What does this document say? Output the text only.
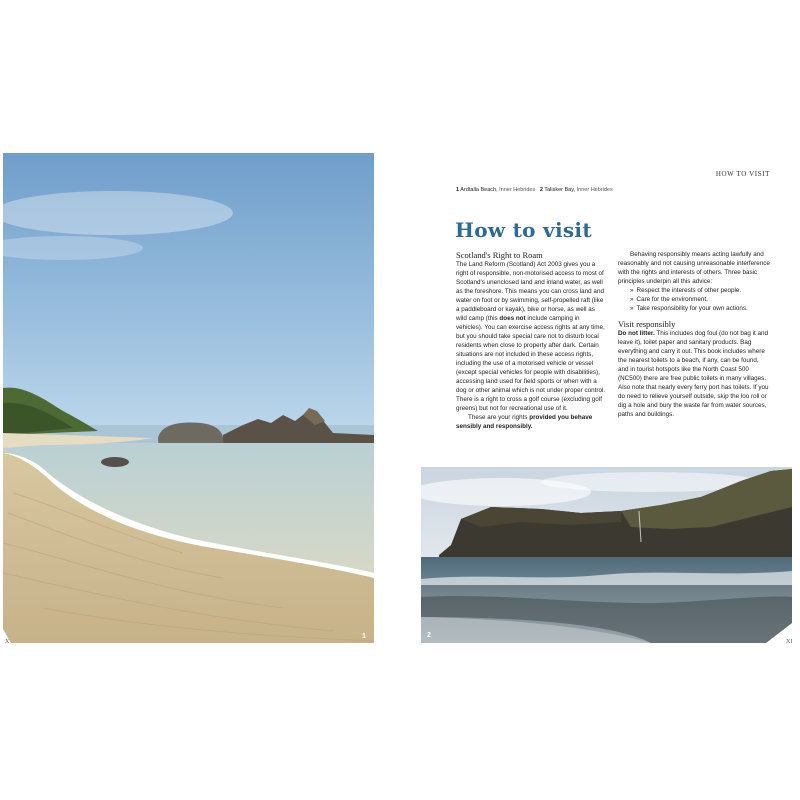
1
X
HOW TO VISIT
1 Ardtalla Beach, Inner Hebrides 2 Talisker Bay, Inner Hebrides
How to visit
Scotland's Right to Roam

The Land Reform (Scotland) Act 2003 gives you a right of responsible, non-motorised access to most of Scotland's unenclosed land and inland water, as well as the foreshore. This means you can cross land and water on foot or by swimming, self-propelled raft (like a paddleboard or kayak), bike or horse, as well as wild camp (this does not include camping in vehicles). You can exercise access rights at any time, but you should take special care not to disturb local residents when close to property after dark. Certain situations are not included in these access rights, including the use of a motorised vehicle or vessel (except special vehicles for people with disabilities), accessing land used for field sports or when with a dog or other animal which is not under proper control. There is a right to cross a golf course (excluding golf greens) but not for recreational use of it.

These are your rights provided you behave sensibly and responsibly.

Behaving responsibly means acting lawfully and reasonably and not causing unreasonable interference with the rights and interests of others. Three basic principles underpin all this advice:

» Respect the interests of other people.
» Care for the environment.
» Take responsibility for your own actions.
Visit responsibly

Do not litter. This includes dog foul (do not bag it and leave it), toilet paper and sanitary products. Bag everything and carry it out. This book includes where the nearest toilets to a beach, if any, can be found, and in tourist hotspots like the North Coast 500 (NC500) there are free public toilets in many villages. Also note that nearly every ferry port has toilets. If you do need to relieve yourself outside, skip the loo roll or dig a hole and bury the waste far from water sources, paths and buildings.

2
XI
